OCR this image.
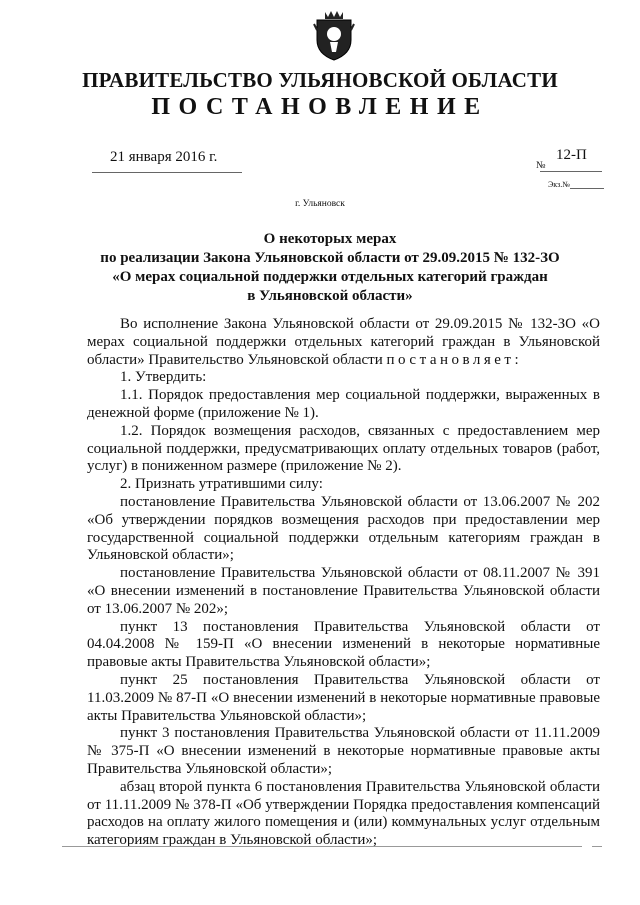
ПРАВИТЕЛЬСТВО УЛЬЯНОВСКОЙ ОБЛАСТИ
ПОСТАНОВЛЕНИЕ
21 января 2016 г.
№
12-П
Экз.№
г. Ульяновск
О некоторых мерах
по реализации Закона Ульяновской области от 29.09.2015 № 132-ЗО
«О мерах социальной поддержки отдельных категорий граждан
в Ульяновской области»

Во исполнение Закона Ульяновской области от 29.09.2015 № 132-ЗО «О мерах социальной поддержки отдельных категорий граждан в Ульяновской области» Правительство Ульяновской области постановляет:

1. Утвердить:

1.1. Порядок предоставления мер социальной поддержки, выраженных в денежной форме (приложение № 1).

1.2. Порядок возмещения расходов, связанных с предоставлением мер социальной поддержки, предусматривающих оплату отдельных товаров (работ, услуг) в пониженном размере (приложение № 2).

2. Признать утратившими силу:

постановление Правительства Ульяновской области от 13.06.2007 № 202 «Об утверждении порядков возмещения расходов при предоставлении мер государственной социальной поддержки отдельным категориям граждан в Ульяновской области»;

постановление Правительства Ульяновской области от 08.11.2007 № 391 «О внесении изменений в постановление Правительства Ульяновской области от 13.06.2007 № 202»;

пункт 13 постановления Правительства Ульяновской области от 04.04.2008 № 159-П «О внесении изменений в некоторые нормативные правовые акты Правительства Ульяновской области»;

пункт 25 постановления Правительства Ульяновской области от 11.03.2009 № 87-П «О внесении изменений в некоторые нормативные правовые акты Правительства Ульяновской области»;

пункт 3 постановления Правительства Ульяновской области от 11.11.2009 № 375-П «О внесении изменений в некоторые нормативные правовые акты Правительства Ульяновской области»;

абзац второй пункта 6 постановления Правительства Ульяновской области от 11.11.2009 № 378-П «Об утверждении Порядка предоставления компенсаций расходов на оплату жилого помещения и (или) коммунальных услуг отдельным категориям граждан в Ульяновской области»;
